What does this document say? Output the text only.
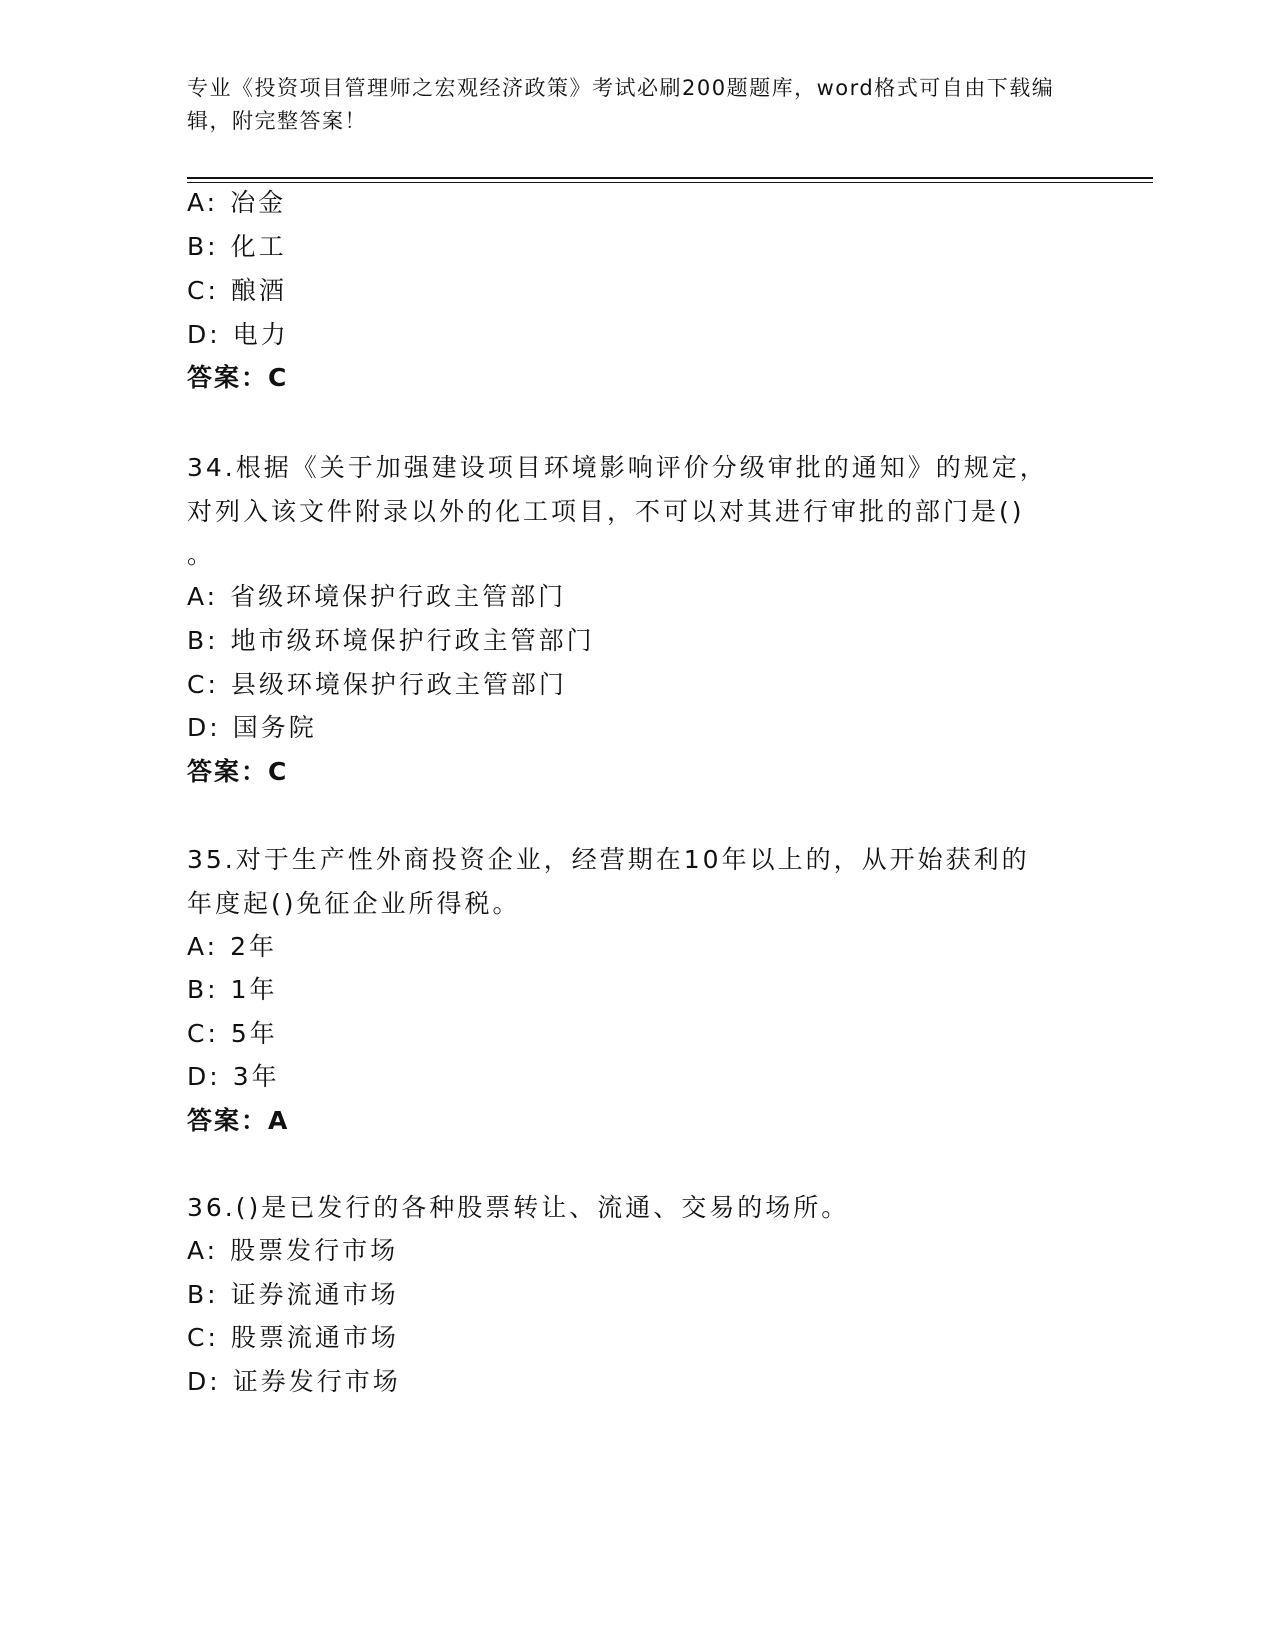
专业《投资项目管理师之宏观经济政策》考试必刷200题题库，word格式可自由下载编辑，附完整答案！
A: 冶金
B: 化工
C: 酿酒
D: 电力
答案：C
34.根据《关于加强建设项目环境影响评价分级审批的通知》的规定，
对列入该文件附录以外的化工项目，不可以对其进行审批的部门是()
。
A: 省级环境保护行政主管部门
B: 地市级环境保护行政主管部门
C: 县级环境保护行政主管部门
D: 国务院
答案：C
35.对于生产性外商投资企业，经营期在10年以上的，从开始获利的
年度起()免征企业所得税。
A: 2年
B: 1年
C: 5年
D: 3年
答案：A
36.()是已发行的各种股票转让、流通、交易的场所。
A: 股票发行市场
B: 证券流通市场
C: 股票流通市场
D: 证券发行市场
